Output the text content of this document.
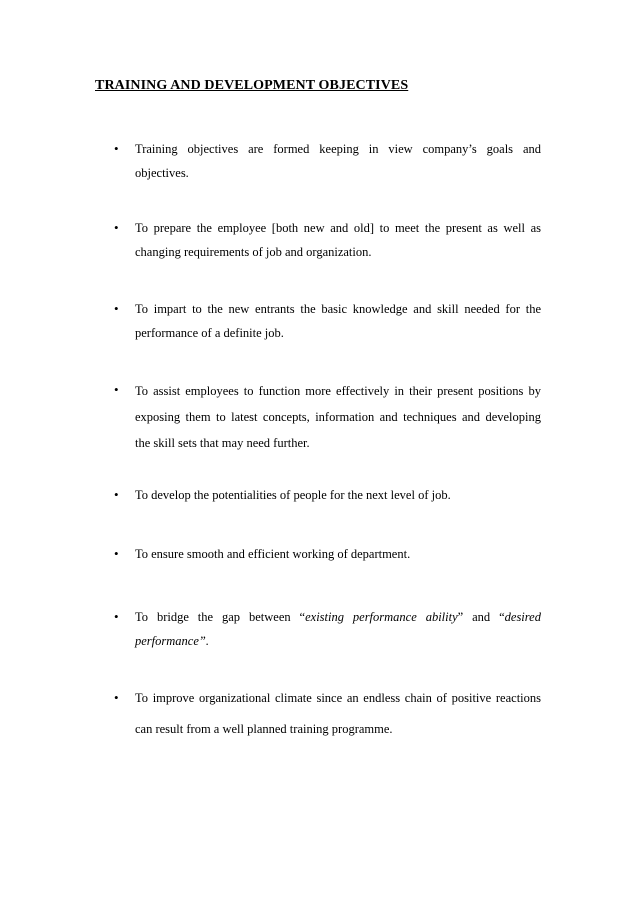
TRAINING AND DEVELOPMENT OBJECTIVES
• Training objectives are formed keeping in view company’s goals and
objectives.
• To prepare the employee [both new and old] to meet the present as well as
changing requirements of job and organization.
• To impart to the new entrants the basic knowledge and skill needed for the
performance of a definite job.
• To assist employees to function more effectively in their present positions by
exposing them to latest concepts, information and techniques and developing
the skill sets that may need further.
• To develop the potentialities of people for the next level of job.
• To ensure smooth and efficient working of department.
• To bridge the gap between “existing performance ability” and “desired
performance”.
• To improve organizational climate since an endless chain of positive reactions
can result from a well planned training programme.
